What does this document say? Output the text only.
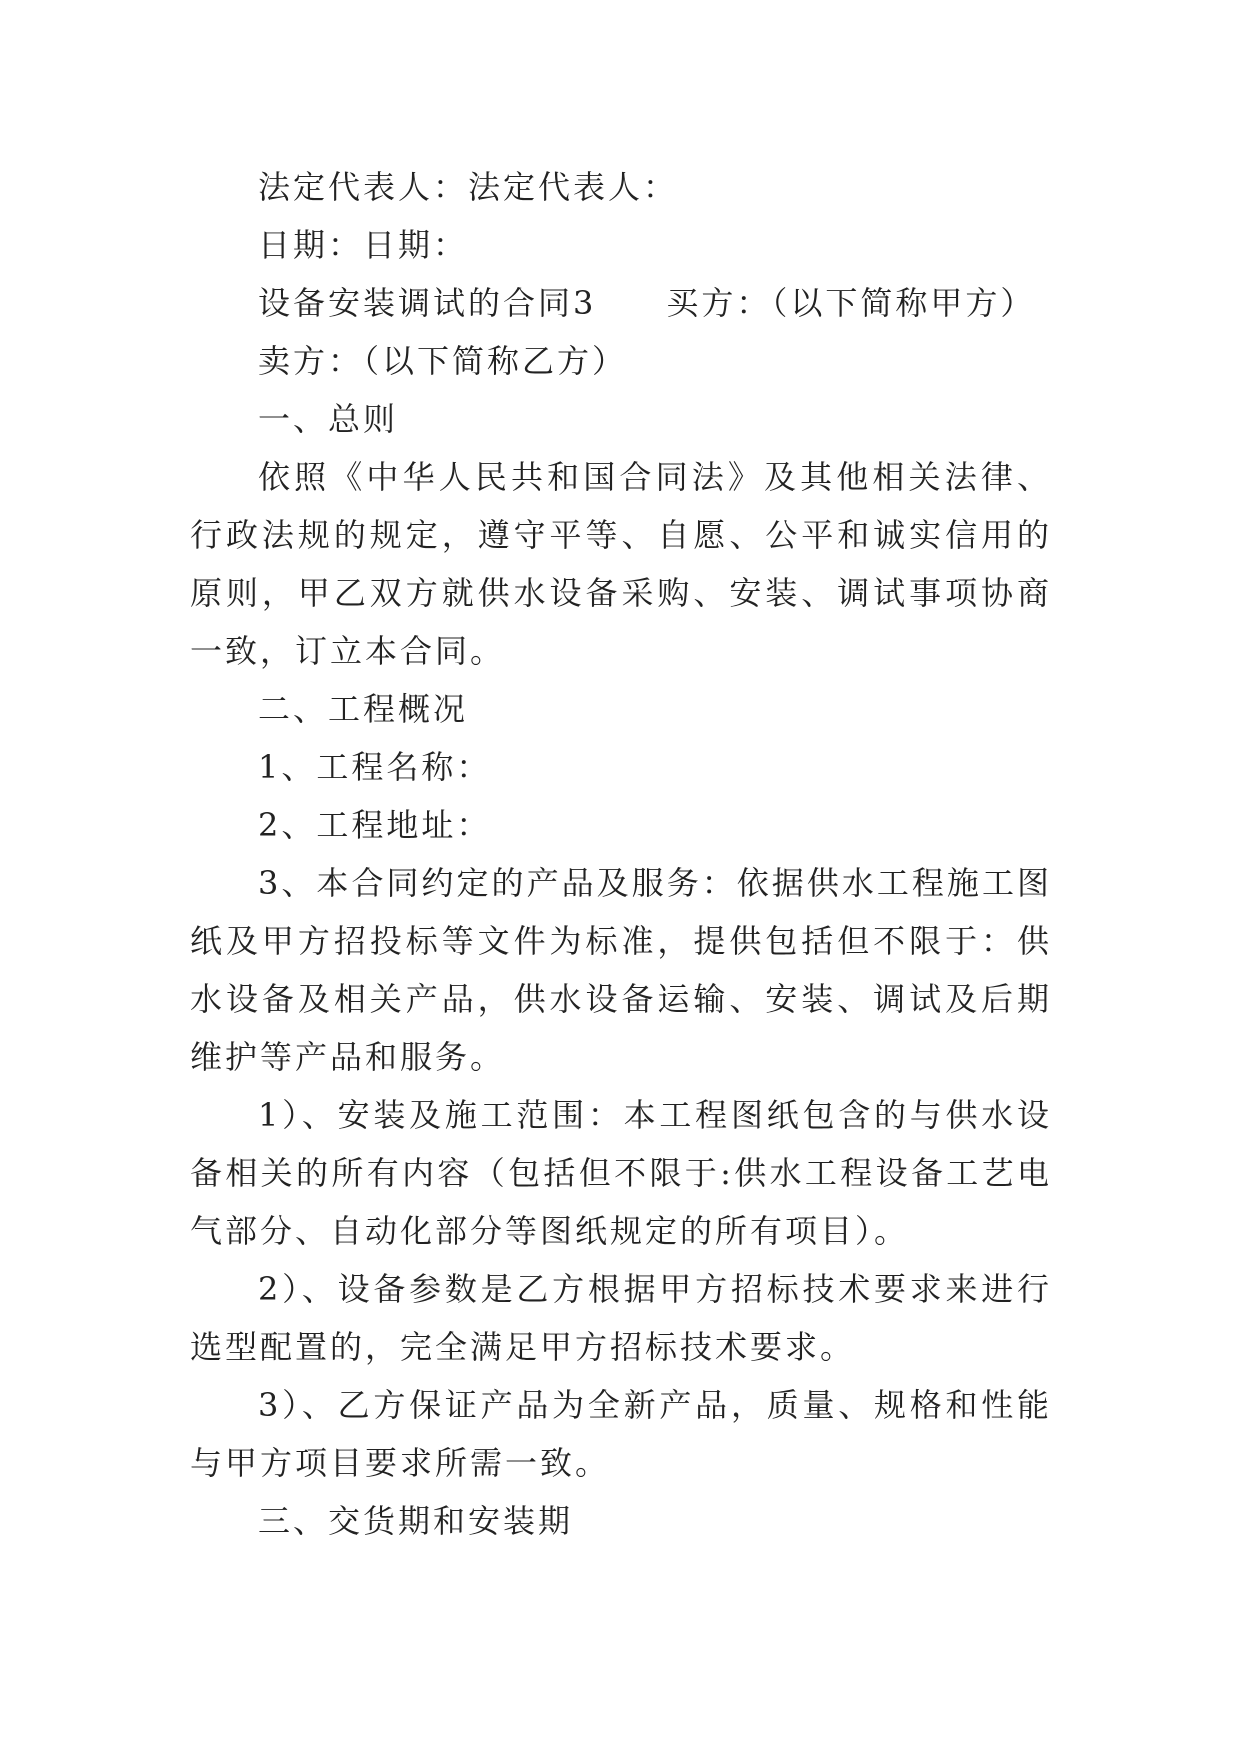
法定代表人：法定代表人：

日期：日期：

设备安装调试的合同3　　买方：（以下简称甲方）

卖方：（以下简称乙方）

一、总则

依照《中华人民共和国合同法》及其他相关法律、行政法规的规定，遵守平等、自愿、公平和诚实信用的原则，甲乙双方就供水设备采购、安装、调试事项协商一致，订立本合同。

二、工程概况

1、工程名称：

2、工程地址：

3、本合同约定的产品及服务：依据供水工程施工图纸及甲方招投标等文件为标准，提供包括但不限于：供水设备及相关产品，供水设备运输、安装、调试及后期维护等产品和服务。

1）、安装及施工范围：本工程图纸包含的与供水设备相关的所有内容（包括但不限于:供水工程设备工艺电气部分、自动化部分等图纸规定的所有项目）。

2）、设备参数是乙方根据甲方招标技术要求来进行选型配置的，完全满足甲方招标技术要求。

3）、乙方保证产品为全新产品，质量、规格和性能与甲方项目要求所需一致。

三、交货期和安装期
